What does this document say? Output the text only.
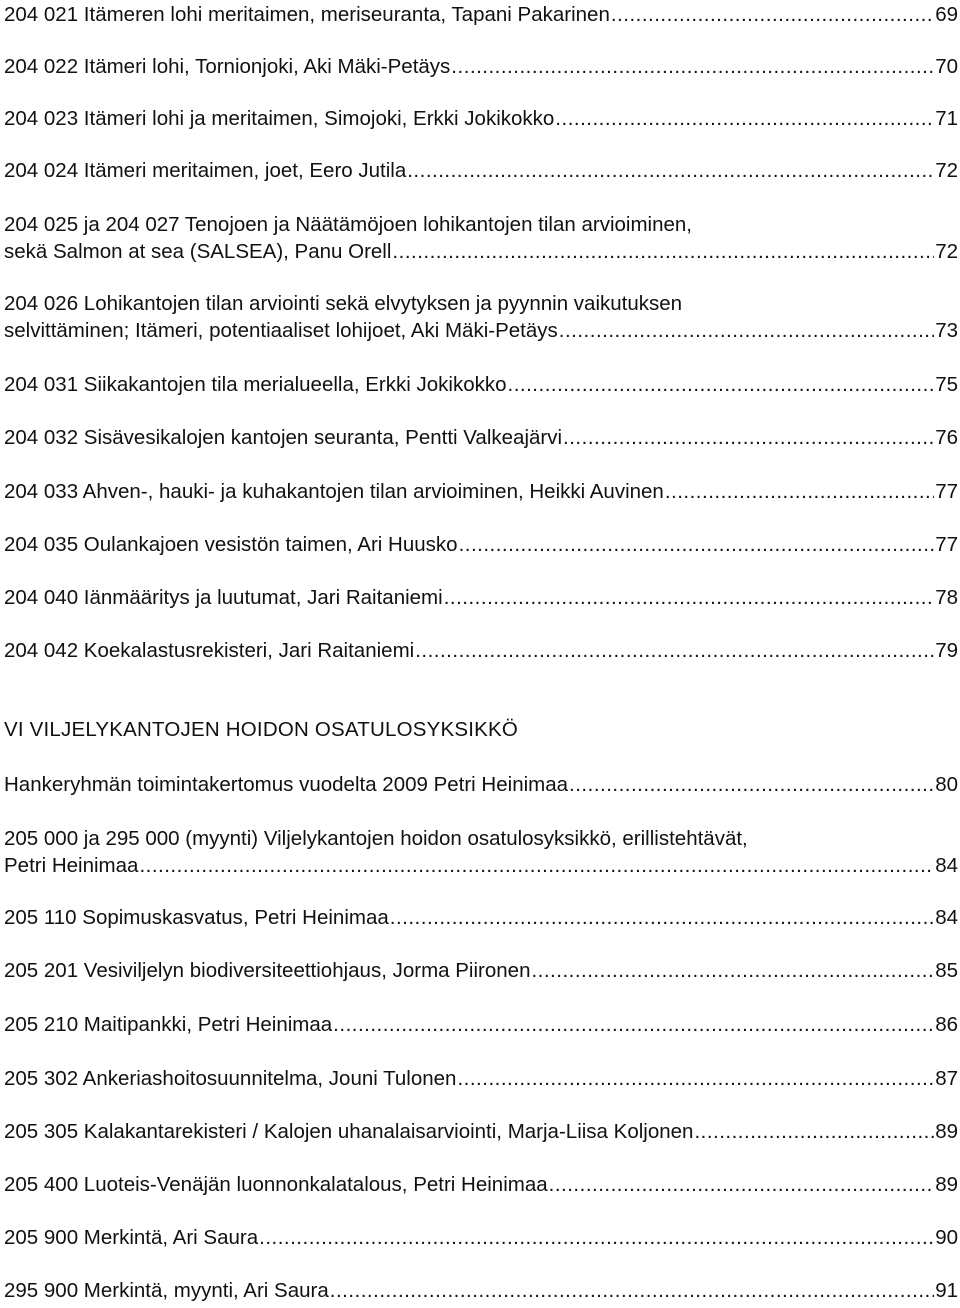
204 021 Itämeren lohi meritaimen, meriseuranta, Tapani Pakarinen .....	69
204 022 Itämeri lohi, Tornionjoki, Aki Mäki-Petäys .....	70
204 023 Itämeri lohi ja meritaimen, Simojoki, Erkki Jokikokko .....	71
204 024 Itämeri meritaimen, joet, Eero Jutila .....	72
204 025 ja 204 027 Tenojoen ja Näätämöjoen lohikantojen tilan arvioiminen,
sekä Salmon at sea (SALSEA), Panu Orell .....	72
204 026 Lohikantojen tilan arviointi sekä elvytyksen ja pyynnin vaikutuksen
selvittäminen; Itämeri, potentiaaliset lohijoet, Aki Mäki-Petäys .....	73
204 031 Siikakantojen tila merialueella, Erkki Jokikokko .....	75
204 032 Sisävesikalojen kantojen seuranta, Pentti Valkeajärvi .....	76
204 033 Ahven-, hauki- ja kuhakantojen tilan arvioiminen, Heikki Auvinen .....	77
204 035 Oulankajoen vesistön taimen, Ari Huusko .....	77
204 040 Iänmääritys ja luutumat, Jari Raitaniemi .....	78
204 042 Koekalastusrekisteri, Jari Raitaniemi .....	79
VI VILJELYKANTOJEN HOIDON OSATULOSYKSIKKÖ
Hankeryhmän toimintakertomus vuodelta 2009 Petri Heinimaa .....	80
205 000 ja 295 000 (myynti) Viljelykantojen hoidon osatulosyksikkö, erillistehtävät,
Petri Heinimaa .....	84
205 110 Sopimuskasvatus, Petri Heinimaa .....	84
205 201 Vesiviljelyn biodiversiteettiohjaus, Jorma Piironen .....	85
205 210 Maitipankki, Petri Heinimaa .....	86
205 302 Ankeriashoitosuunnitelma, Jouni Tulonen .....	87
205 305 Kalakantarekisteri / Kalojen uhanalaisarviointi, Marja-Liisa Koljonen .....	89
205 400 Luoteis-Venäjän luonnonkalatalous, Petri Heinimaa .....	89
205 900 Merkintä, Ari Saura .....	90
295 900 Merkintä, myynti, Ari Saura .....	91
